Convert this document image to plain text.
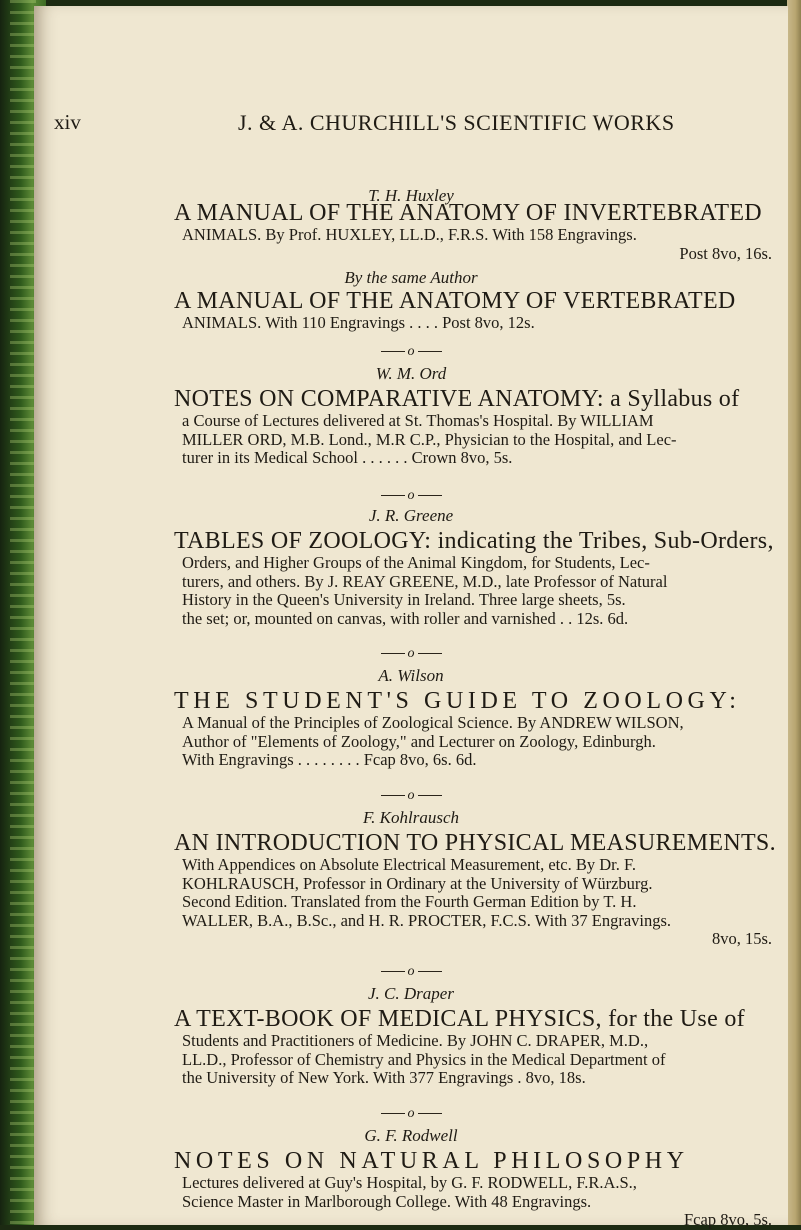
xiv	J. & A. CHURCHILL'S SCIENTIFIC WORKS
T. H. Huxley
A MANUAL OF THE ANATOMY OF INVERTEBRATED
ANIMALS. By Prof. HUXLEY, LL.D., F.R.S. With 158 Engravings.
Post 8vo, 16s.
By the same Author
A MANUAL OF THE ANATOMY OF VERTEBRATED
ANIMALS. With 110 Engravings . . . . Post 8vo, 12s.
o
W. M. Ord
NOTES ON COMPARATIVE ANATOMY: a Syllabus of
a Course of Lectures delivered at St. Thomas's Hospital. By WILLIAM
MILLER ORD, M.B. Lond., M.R C.P., Physician to the Hospital, and Lec-
turer in its Medical School . . . . . . Crown 8vo, 5s.
o
J. R. Greene
TABLES OF ZOOLOGY: indicating the Tribes, Sub-Orders,
Orders, and Higher Groups of the Animal Kingdom, for Students, Lec-
turers, and others. By J. REAY GREENE, M.D., late Professor of Natural
History in the Queen's University in Ireland. Three large sheets, 5s.
the set; or, mounted on canvas, with roller and varnished . . 12s. 6d.
o
A. Wilson
THE STUDENT'S GUIDE TO ZOOLOGY:
A Manual of the Principles of Zoological Science. By ANDREW WILSON,
Author of "Elements of Zoology," and Lecturer on Zoology, Edinburgh.
With Engravings . . . . . . . . Fcap 8vo, 6s. 6d.
o
F. Kohlrausch
AN INTRODUCTION TO PHYSICAL MEASUREMENTS.
With Appendices on Absolute Electrical Measurement, etc. By Dr. F.
KOHLRAUSCH, Professor in Ordinary at the University of Würzburg.
Second Edition. Translated from the Fourth German Edition by T. H.
WALLER, B.A., B.Sc., and H. R. PROCTER, F.C.S. With 37 Engravings.
8vo, 15s.
o
J. C. Draper
A TEXT-BOOK OF MEDICAL PHYSICS, for the Use of
Students and Practitioners of Medicine. By JOHN C. DRAPER, M.D.,
LL.D., Professor of Chemistry and Physics in the Medical Department of
the University of New York. With 377 Engravings . 8vo, 18s.
o
G. F. Rodwell
NOTES ON NATURAL PHILOSOPHY
Lectures delivered at Guy's Hospital, by G. F. RODWELL, F.R.A.S.,
Science Master in Marlborough College. With 48 Engravings.
Fcap 8vo, 5s.
